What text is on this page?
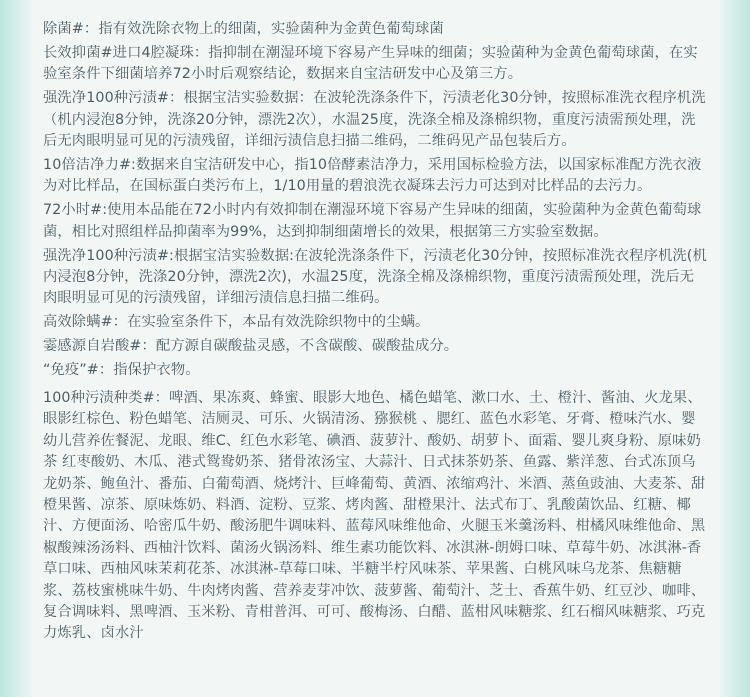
除菌#：指有效洗除衣物上的细菌，实验菌种为金黄色葡萄球菌

长效抑菌#进口4腔凝珠：指抑制在潮湿环境下容易产生异味的细菌；实验菌种为金黄色葡萄球菌，在实验室条件下细菌培养72小时后观察结论，数据来自宝洁研发中心及第三方。

强洗净100种污渍#：根据宝洁实验数据：在波轮洗涤条件下，污渍老化30分钟，按照标准洗衣程序机洗（机内浸泡8分钟，洗涤20分钟，漂洗2次），水温25度，洗涤全棉及涤棉织物，重度污渍需预处理，洗后无肉眼明显可见的污渍残留，详细污渍信息扫描二维码，二维码见产品包装后方。

10倍洁净力#:数据来自宝洁研发中心，指10倍酵素洁净力，采用国标检验方法，以国家标准配方洗衣液为对比样品，在国标蛋白类污布上，1/10用量的碧浪洗衣凝珠去污力可达到对比样品的去污力。

72小时#:使用本品能在72小时内有效抑制在潮湿环境下容易产生异味的细菌，实验菌种为金黄色葡萄球菌，相比对照组样品抑菌率为99%，达到抑制细菌增长的效果，根据第三方实验室数据。

强洗净100种污渍#:根据宝洁实验数据:在波轮洗涤条件下，污渍老化30分钟，按照标准洗衣程序机洗(机内浸泡8分钟，洗涤20分钟，漂洗2次)，水温25度，洗涤全棉及涤棉织物，重度污渍需预处理，洗后无肉眼明显可见的污渍残留，详细污渍信息扫描二维码。

高效除螨#：在实验室条件下，本品有效洗除织物中的尘螨。

霎感源自岩酸#：配方源自碳酸盐灵感，不含碳酸、碳酸盐成分。

“免疫”#：指保护衣物。

100种污渍种类#：啤酒、果冻爽、蜂蜜、眼影大地色、橘色蜡笔、漱口水、土、橙汁、酱油、火龙果、眼影红棕色、粉色蜡笔、洁厕灵、可乐、火锅清汤、猕猴桃 、腮红、蓝色水彩笔、牙膏、橙味汽水、婴幼儿营养佐餐泥、龙眼、维C、红色水彩笔、碘酒、菠萝汁、酸奶、胡萝卜、面霜、婴儿爽身粉、原味奶茶 红枣酸奶、木瓜、港式鸳鸯奶茶、猪骨浓汤宝、大蒜汁、日式抹茶奶茶、鱼露、紫洋葱、台式冻顶乌龙奶茶、鲍鱼汁、番茄、白葡萄酒、烧烤汁、巨峰葡萄、黄酒、浓缩鸡汁、米酒、蒸鱼豉油、大麦茶、甜橙果酱、凉茶、原味炼奶、料酒、淀粉、豆浆、烤肉酱、甜橙果汁、法式布丁、乳酸菌饮品、红糖、椰汁、方便面汤、哈密瓜牛奶、酸汤肥牛调味料、蓝莓风味维他命、火腿玉米羹汤料、柑橘风味维他命、黑椒酸辣汤汤料、西柚汁饮料、菌汤火锅汤料、维生素功能饮料、冰淇淋-朗姆口味、草莓牛奶、冰淇淋-香草口味、西柚风味茉莉花茶、冰淇淋-草莓口味、半糖半柠风味茶、苹果酱、白桃风味乌龙茶、焦糖糖浆、荔枝蜜桃味牛奶、牛肉烤肉酱、营养麦芽冲饮、菠萝酱、葡萄汁、芝士、香蕉牛奶、红豆沙、咖啡、复合调味料、黑啤酒、玉米粉、青柑普洱、可可、酸梅汤、白醋、蓝柑风味糖浆、红石榴风味糖浆、巧克力炼乳、卤水汁
